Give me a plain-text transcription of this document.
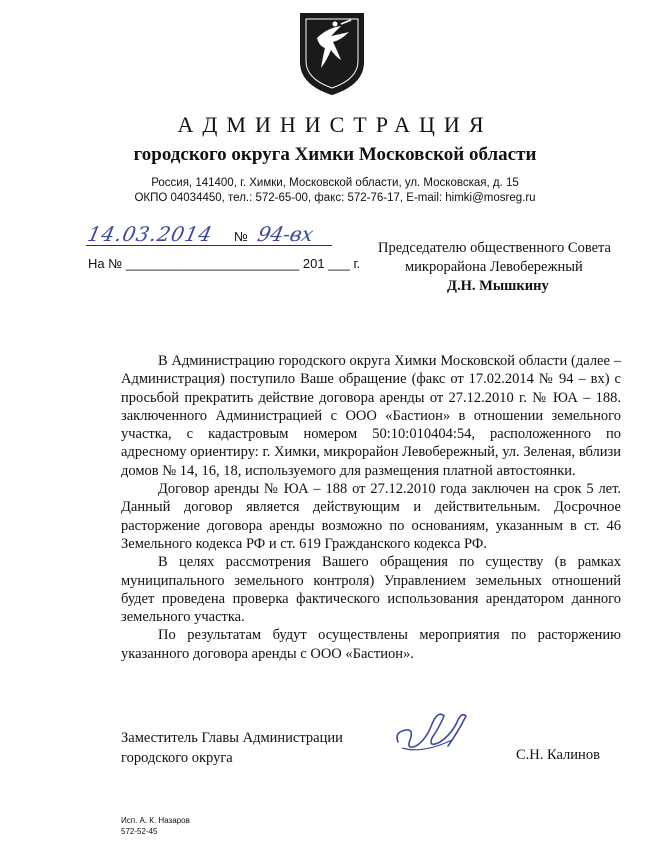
АДМИНИСТРАЦИЯ
городского округа Химки Московской области
Россия, 141400, г. Химки, Московской области, ул. Московская, д. 15
ОКПО 04034450, тел.: 572-65-00, факс: 572-76-17, E-mail: himki@mosreg.ru
14.03.2014 № 94-вх
На № ________________________ 201 ___ г.
Председателю общественного Совета
микрорайона Левобережный
Д.Н. Мышкину

В Администрацию городского округа Химки Московской области (далее – Администрация) поступило Ваше обращение (факс от 17.02.2014 № 94 – вх) с просьбой прекратить действие договора аренды от 27.12.2010 г. № ЮА – 188. заключенного Администрацией с ООО «Бастион» в отношении земельного участка, с кадастровым номером 50:10:010404:54, расположенного по адресному ориентиру: г. Химки, микрорайон Левобережный, ул. Зеленая, вблизи домов № 14, 16, 18, используемого для размещения платной автостоянки.

Договор аренды № ЮА – 188 от 27.12.2010 года заключен на срок 5 лет. Данный договор является действующим и действительным. Досрочное расторжение договора аренды возможно по основаниям, указанным в ст. 46 Земельного кодекса РФ и ст. 619 Гражданского кодекса РФ.

В целях рассмотрения Вашего обращения по существу (в рамках муниципального земельного контроля) Управлением земельных отношений будет проведена проверка фактического использования арендатором данного земельного участка.

По результатам будут осуществлены мероприятия по расторжению указанного договора аренды с ООО «Бастион».

Заместитель Главы Администрации
городского округа	С.Н. Калинов
Исп. А. К. Назаров
572-52-45
